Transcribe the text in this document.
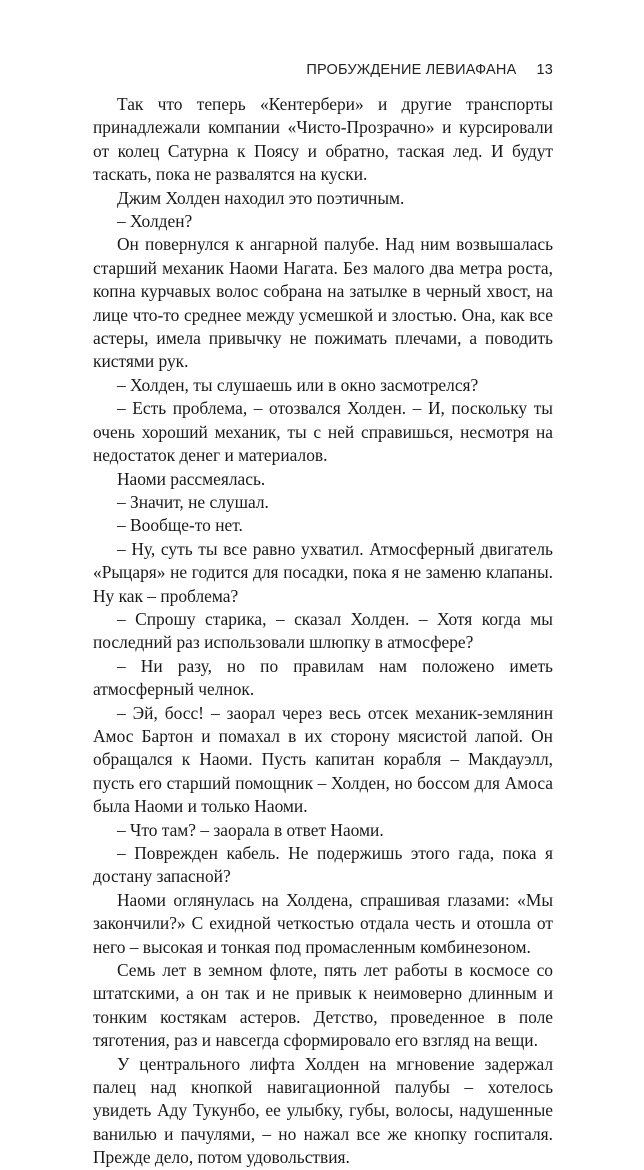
ПРОБУЖДЕНИЕ ЛЕВИАФАНА 13

Так что теперь «Кентербери» и другие транспорты принадлежали компании «Чисто-Прозрачно» и курсировали от колец Сатурна к Поясу и обратно, таская лед. И будут таскать, пока не развалятся на куски.

Джим Холден находил это поэтичным.

– Холден?

Он повернулся к ангарной палубе. Над ним возвышалась старший механик Наоми Нагата. Без малого два метра роста, копна курчавых волос собрана на затылке в черный хвост, на лице что-то среднее между усмешкой и злостью. Она, как все астеры, имела привычку не пожимать плечами, а поводить кистями рук.

– Холден, ты слушаешь или в окно засмотрелся?

– Есть проблема, – отозвался Холден. – И, поскольку ты очень хороший механик, ты с ней справишься, несмотря на недостаток денег и материалов.

Наоми рассмеялась.

– Значит, не слушал.

– Вообще-то нет.

– Ну, суть ты все равно ухватил. Атмосферный двигатель «Рыцаря» не годится для посадки, пока я не заменю клапаны. Ну как – проблема?

– Спрошу старика, – сказал Холден. – Хотя когда мы последний раз использовали шлюпку в атмосфере?

– Ни разу, но по правилам нам положено иметь атмосферный челнок.

– Эй, босс! – заорал через весь отсек механик-землянин Амос Бартон и помахал в их сторону мясистой лапой. Он обращался к Наоми. Пусть капитан корабля – Макдауэлл, пусть его старший помощник – Холден, но боссом для Амоса была Наоми и только Наоми.

– Что там? – заорала в ответ Наоми.

– Поврежден кабель. Не подержишь этого гада, пока я достану запасной?

Наоми оглянулась на Холдена, спрашивая глазами: «Мы закончили?» С ехидной четкостью отдала честь и отошла от него – высокая и тонкая под промасленным комбинезоном.

Семь лет в земном флоте, пять лет работы в космосе со штатскими, а он так и не привык к неимоверно длинным и тонким костякам астеров. Детство, проведенное в поле тяготения, раз и навсегда сформировало его взгляд на вещи.

У центрального лифта Холден на мгновение задержал палец над кнопкой навигационной палубы – хотелось увидеть Аду Тукунбо, ее улыбку, губы, волосы, надушенные ванилью и пачулями, – но нажал все же кнопку госпиталя. Прежде дело, потом удовольствия.
